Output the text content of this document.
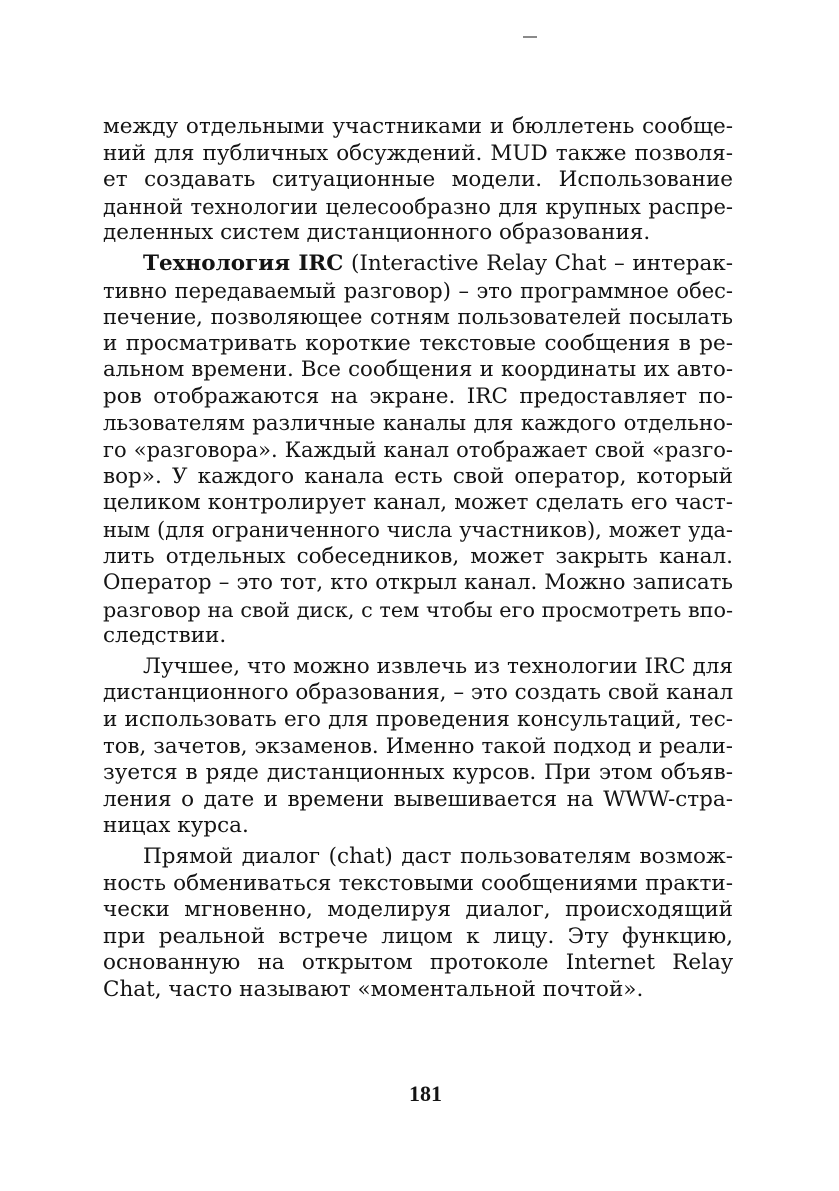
между отдельными участниками и бюллетень сообще-
ний для публичных обсуждений. MUD также позволя-
ет создавать ситуационные модели. Использование
данной технологии целесообразно для крупных распре-
деленных систем дистанционного образования.
Технология IRC (Interactive Relay Chat – интерак-
тивно передаваемый разговор) – это программное обес-
печение, позволяющее сотням пользователей посылать
и просматривать короткие текстовые сообщения в ре-
альном времени. Все сообщения и координаты их авто-
ров отображаются на экране. IRC предоставляет по-
льзователям различные каналы для каждого отдельно-
го «разговора». Каждый канал отображает свой «разго-
вор». У каждого канала есть свой оператор, который
целиком контролирует канал, может сделать его част-
ным (для ограниченного числа участников), может уда-
лить отдельных собеседников, может закрыть канал.
Оператор – это тот, кто открыл канал. Можно записать
разговор на свой диск, с тем чтобы его просмотреть впо-
следствии.
Лучшее, что можно извлечь из технологии IRC для
дистанционного образования, – это создать свой канал
и использовать его для проведения консультаций, тес-
тов, зачетов, экзаменов. Именно такой подход и реали-
зуется в ряде дистанционных курсов. При этом объяв-
ления о дате и времени вывешивается на WWW-стра-
ницах курса.
Прямой диалог (chat) даст пользователям возмож-
ность обмениваться текстовыми сообщениями практи-
чески мгновенно, моделируя диалог, происходящий
при реальной встрече лицом к лицу. Эту функцию,
основанную на открытом протоколе Internet Relay
Chat, часто называют «моментальной почтой».
181
